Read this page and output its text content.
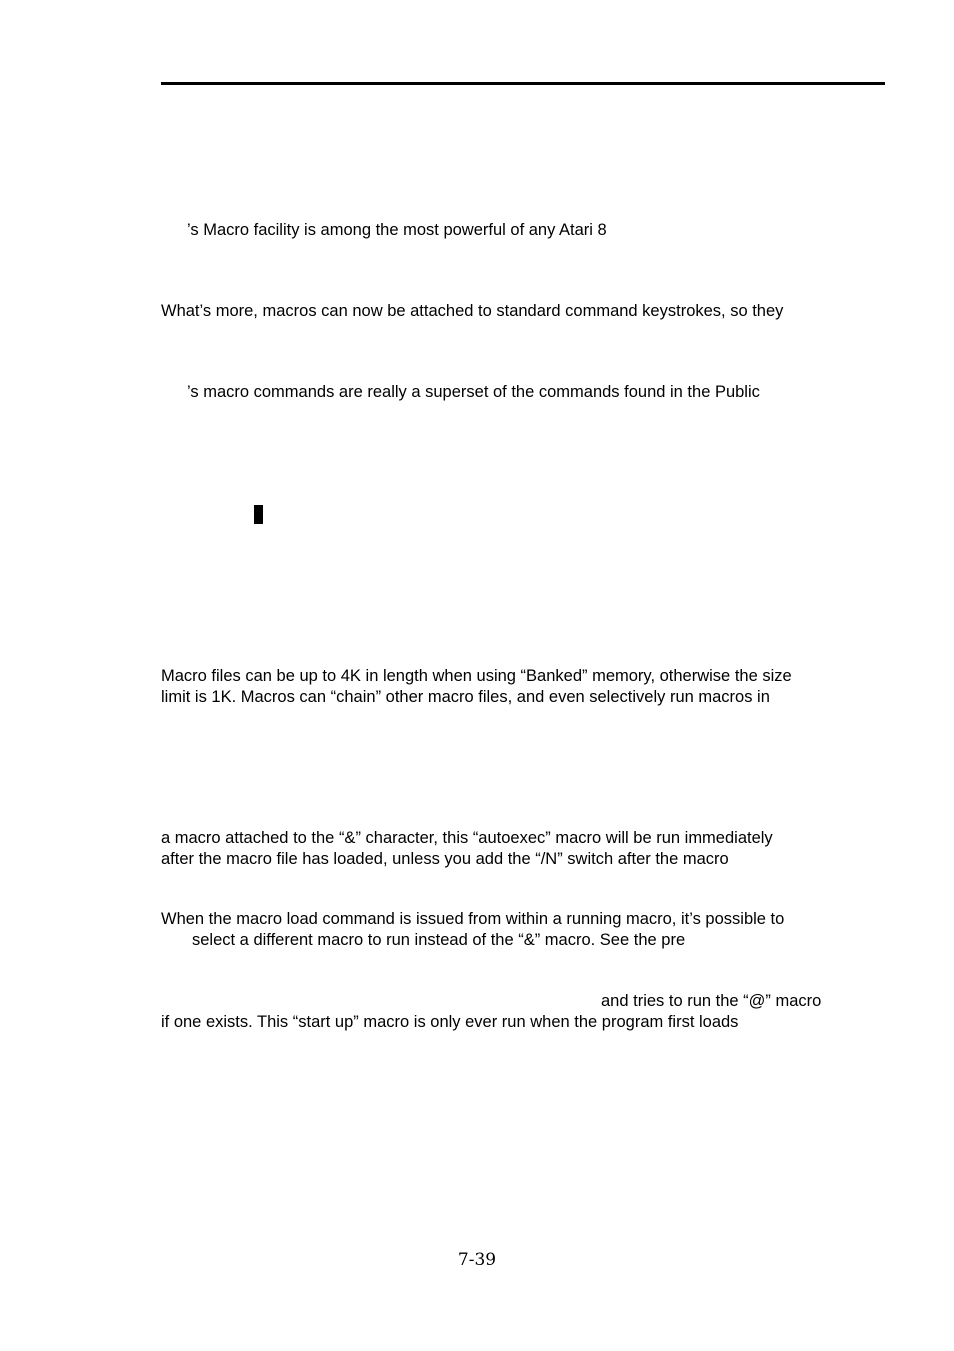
’s Macro facility is among the most powerful of any Atari 8
What’s more, macros can now be attached to standard command keystrokes, so they
’s macro commands are really a superset of the commands found in the Public
Macro files can be up to 4K in length when using “Banked” memory, otherwise the size
limit is 1K. Macros can “chain” other macro files, and even selectively run macros in
a macro attached to the “&” character, this “autoexec” macro will be run immediately
after the macro file has loaded, unless you add the “/N” switch after the macro
When the macro load command is issued from within a running macro, it’s possible to
select a different macro to run instead of the “&” macro. See the pre
and tries to run the “@” macro
if one exists. This “start up” macro is only ever run when the program first loads
7-39
